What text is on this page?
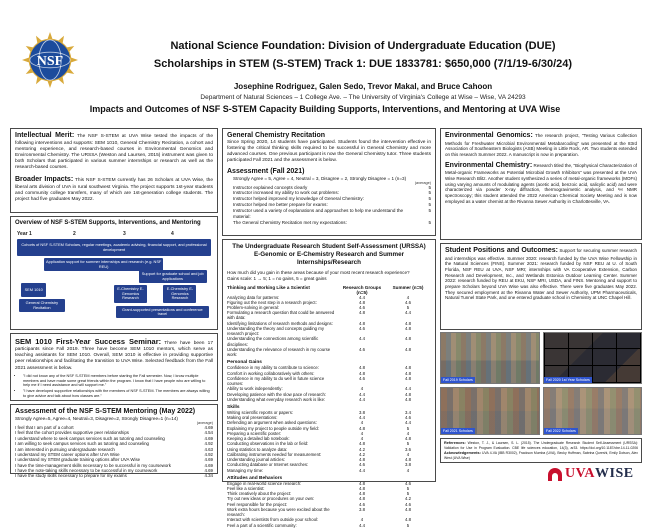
NSF
National Science Foundation: Division of Undergraduate Education (DUE)
Scholarships in STEM (S-STEM) Track 1: DUE 1833781: $650,000 (7/1/19-6/30/24)
Josephine Rodriguez, Galen Sedo, Trevor Makal, and Bruce Cahoon
Department of Natural Sciences – 1 College Ave. – The University of Virginia's College at Wise – Wise, VA 24293
Impacts and Outcomes of NSF S-STEM Capacity Building Supports, Interventions, and Mentoring at UVA Wise
Intellectual Merit: The NSF S-STEM at UVA Wise tested the impacts of the following interventions and supports: SEM 1010, General Chemistry Recitation, a cohort and mentoring experience, and research-based courses in Environmental Genomics and Environmental Chemistry. The URSSA (Weston and Laursen, 2015) instrument was given to both Scholars that participated in various summer internships or research as well as the research-based courses.
Broader Impacts: This NSF S-STEM currently has 26 Scholars at UVA Wise, the liberal arts division of UVA in rural southwest Virginia. The project supports 1st-year students and community college transfers, many of which are 1st-generation college students. The project had five graduates May 2022.
Overview of NSF S-STEM Supports, Interventions, and Mentoring
Year 1	2	3	4
Cohorts of NSF S-STEM Scholars, regular meetings, academic advising, financial support, and professional development
Application support for summer internships and research (e.g. NSF REU)
Support for graduate school and job applications
SEM 1010	E-Chemistry E-Genomics Research
E-Chemistry E-Genomics Research
General Chemistry Recitation	Grant-supported presentations and conference travel
SEM 1010 First-Year Success Seminar: There have been 17 participants since Fall 2019. Three have become SEM 1010 mentors, which serve as teaching assistants for SEM 1010. Overall, SEM 1010 is effective in providing supportive peer relationships and facilitating the transition to UVA Wise. Selected feedback from the Fall 2021 assessment is below.
• "I did not know any of the NSF S-STEM members before starting the Fall semester. Now, I know multiple members and have made some great friends within the program. I know that I have people who are willing to help me if I need assistance and will support me."
• "I have developed supportive relationships with the members of NSF S-STEM. The members are always willing to give advice and talk about how classes are."
Assessment of the NSF S-STEM Mentoring (May 2022)
Strongly Agree=5, Agree=4, Neutral=3, Disagree=2, Strongly Disagree=1 (n=14)
(average)
I feel that I am part of a cohort	4.69
I feel that the cohort provides supportive peer relationships	4.54
I understand where to seek campus services such as tutoring and counseling	4.69
I am willing to seek campus services such as tutoring and counseling	4.92
I am interested in pursuing undergraduate research	4.63
I understand my STEM career options after UVA Wise	4.92
I understand my STEM graduate training options after UVA Wise	4.69
I have the time-management skills necessary to be successful in my coursework	4.69
I have the note-taking skills necessary to be successful in my coursework	4.69
I have the study skills necessary to prepare for my exams	4.34
General Chemistry Recitation
Since Spring 2020, 14 students have participated. Students found the intervention effective in fostering the critical thinking skills required to be successful in General Chemistry and more advanced courses. One previous participant is now the General Chemistry tutor. Three students participated Fall 2021 and the assessment is below.
Assessment (Fall 2021)
Strongly Agree = 5, Agree = 4, Neutral = 3, Disagree = 2, Strongly Disagree = 1 (n=3)
(average)
Instructor explained concepts clearly	5
Instructor increased my ability to work out problems:	5
Instructor helped improved my knowledge of General Chemistry:	5
Instructor helped me better prepare for exams:	5
Instructor used a variety of explanations and approaches to help me understand the material:
5
The General Chemistry Recitation met my expectations:	5
The Undergraduate Research Student Self-Assessment (URSSA)
E-Genomic or E-Chemistry Research and Summer Internships/Research
How much did you gain in these areas because of your most recent research experience?
Gains scale: 1 → 5; 1 = no gains, 5 = great gains
Thinking and Working Like a Scientist	Research Groups (n=5)
Summer (n=5)
Analyzing data for patterns:	4.4	4
Figuring out the next step in a research project:	4.8	4.6
Problem-solving in general:	4.6	5
Formulating a research question that could be answered with data:
4.8	4.4
Identifying limitations of research methods and designs:	4.8	4.8
Understanding the theory and concepts guiding my research project:
4.6	4.8
Understanding the connections among scientific disciplines:
4.4	4.8
Understanding the relevance of research in my course work:
4.6	4.8
Personal Gains
Confidence in my ability to contribute to science:	4.8	4.8
Comfort in working collaboratively with others:	4.8	4.8
Confidence in my ability to do well in future science courses:
4.6	4.8
Ability to work independently:	4	4.4
Developing patience with the slow pace of research:	4.4	4.8
Understanding what everyday research work is like:	4.4	4.8
Skills
Writing scientific reports or papers:	3.8	3.4
Making oral presentations:	4.4	4.6
Defending an argument when asked questions:	4	4.4
Explaining my project to people outside my field:	4.8	5
Preparing a scientific poster:	4	4
Keeping a detailed lab notebook:	4	4.8
Conducting observations in the lab or field:	4.8	5
Using statistics to analyze data:	4.2	3.6
Calibrating instruments needed for measurement:	4.2	4
Understanding journal articles:	4.8	4.8
Conducting database or Internet searches:	4.6	3.8
Managing my time:	4.4	4
Attitudes and Behaviors
Engage in real-world science research:	4.8	4.6
Feel like a scientist:	4.8	5
Think creatively about the project:	4.8	5
Try out new ideas or procedures on your own:	4.8	4.2
Feel responsible for the project:	4.6	4.6
Work extra hours because you were excited about the research:
3.8	4.8
Interact with scientists from outside your school:	4	4.8
Feel a part of a scientific community:	4.4	5
Environmental Genomics: The research project, "Testing Various Collection Methods for Freshwater Microbial Environmental Metabarcoding" was presented at the 83rd Association of Southeastern Biologists (ASB) Meeting in Little Rock, AR. Two students extended on this research Summer 2022. A manuscript is now in preparation.
Environmental Chemistry: Research titled the, "Biophysical Characterization of Metal-organic Frameworks as Potential Microbial Growth Inhibitors" was presented at the UVA Wise Research Blitz. Another student synthesized a series of metal-organic frameworks (MOFs) using varying amounts of modulating agents (acetic acid, benzoic acid, salicylic acid) and were characterized via powder X-ray diffraction, thermogravimetric analysis, and ¹H NMR spectroscopy; this student attended the 2022 American Chemical Society Meeting and is now employed as a water chemist at the Rivanna Sewer Authority in Charlottesville, VA.
Student Positions and Outcomes: Support for securing summer research and internships was effective. Summer 2020: research funded by the UVA Wise Fellowship in the Natural Sciences (FINS). Summer 2021: research funded by NSF REU at U. of South Florida, NSF REU at UVA, NSF MRI; internships with VA Cooperative Extension, Carbon Research and Development, Inc., and Wetlands Estonica Outdoor Learning Center. Summer 2022: research funded by REU at EKU, NSF MRI, USDA, and FINS. Mentoring and support to prepare Scholars beyond UVA Wise was also effective. There were five graduates May 2022. They secured employment at the Rivanna Water and Sewer Authority, UPM Pharmaceuticals, Natural Tunnel State Park, and one entered graduate school in Chemistry at UNC Chapel Hill.
Fall 2019 Scholars	Fall 2020 1st Year Scholars
Fall 2021 Scholars	Fall 2022 Scholars
References: Weston, T. J., & Laursen, S. L. (2015). The Undergraduate Research Student Self-Assessment (URSSA): Validation for Use in Program Evaluation. CBE life sciences education, 14(3), ar33. https://doi.org/10.1187/cbe.14-11-0206 Acknowledgements: UVA 4-VA (IBB R3002), Frackson Mumba (UVA), Becky Huffman, Sabrina Qureshi, Emily Dotson, Alex West (UVA Wise)
UVA WISE
